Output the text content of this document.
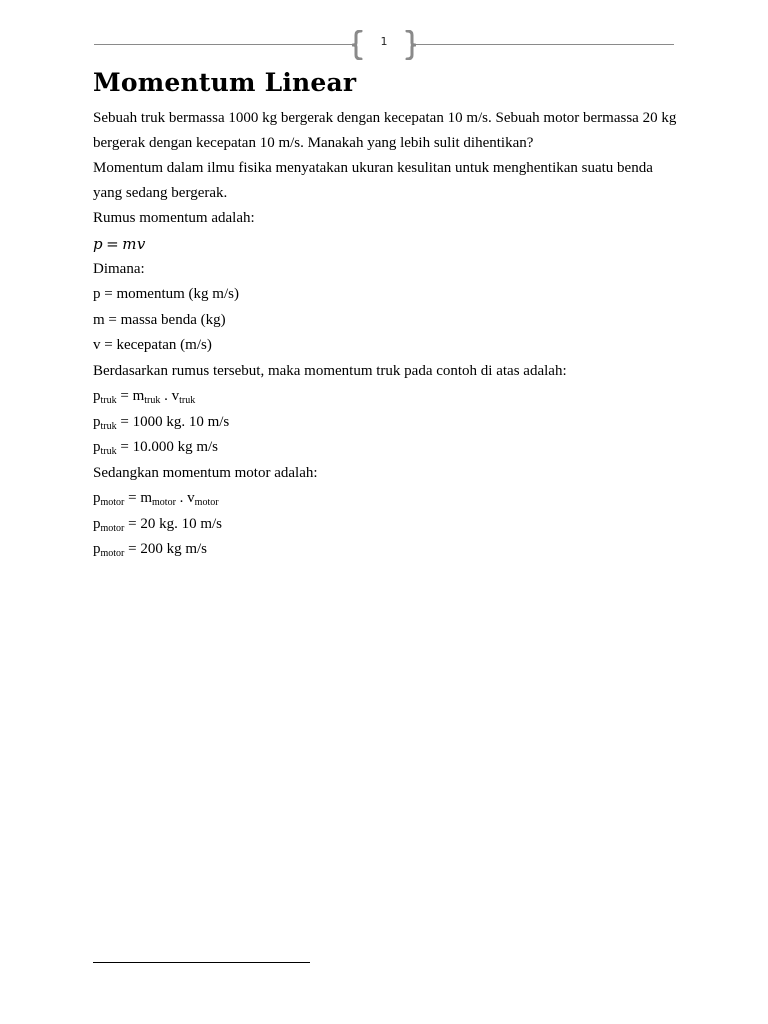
1
Momentum Linear

Sebuah truk bermassa 1000 kg bergerak dengan kecepatan 10 m/s. Sebuah motor bermassa 20 kg bergerak dengan kecepatan 10 m/s. Manakah yang lebih sulit dihentikan?

Momentum dalam ilmu fisika menyatakan ukuran kesulitan untuk menghentikan suatu benda yang sedang bergerak.

Rumus momentum adalah:
p = mv
Dimana:
p = momentum (kg m/s)
m = massa benda (kg)
v = kecepatan (m/s)
Berdasarkan rumus tersebut, maka momentum truk pada contoh di atas adalah:
$p_{truk} = m_{truk}$ . $v_{truk}$
$p_{truk} = 1000$ kg. 10 m/s
$p_{truk} = 10.000$ kg m/s
Sedangkan momentum motor adalah:
$p_{motor} = m_{motor}$ . $v_{motor}$
$p_{motor} = 20$ kg. 10 m/s
$p_{motor} = 200$ kg m/s
